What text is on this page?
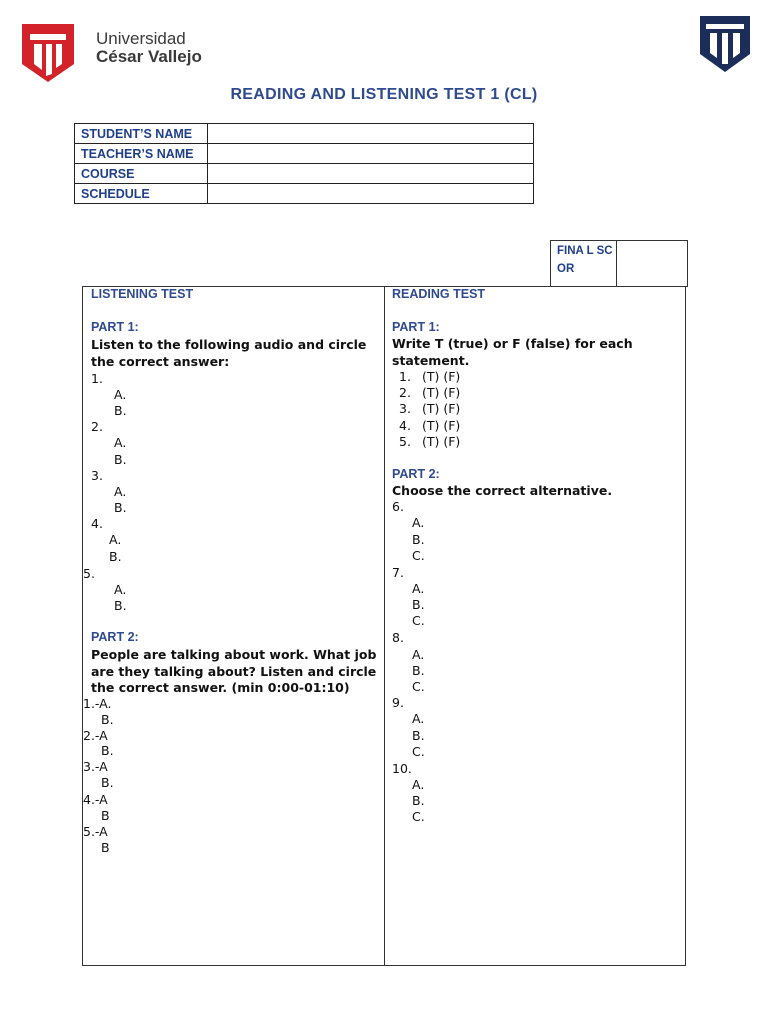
Universidad
César Vallejo
READING AND LISTENING TEST 1 (CL)
STUDENT’S NAME	
TEACHER’S NAME	
COURSE	
SCHEDULE	
FINA L SCOR
LISTENING TEST
PART 1:
Listen to the following audio and circle the correct answer:
1.
A.
B.
2.
A.
B.
3.
A.
B.
4.
A.
B.
5.
A.
B.
PART 2:
People are talking about work. What job are they talking about? Listen and circle the correct answer. (min 0:00-01:10)
1.-A.
B.
2.-A
B.
3.-A
B.
4.-A
B
5.-A
B
READING TEST
PART 1:
Write T (true) or F (false) for each statement.
1. (T) (F)
2. (T) (F)
3. (T) (F)
4. (T) (F)
5. (T) (F)
PART 2:
Choose the correct alternative.
6.
A.
B.
C.
7.
A.
B.
C.
8.
A.
B.
C.
9.
A.
B.
C.
10.
A.
B.
C.
